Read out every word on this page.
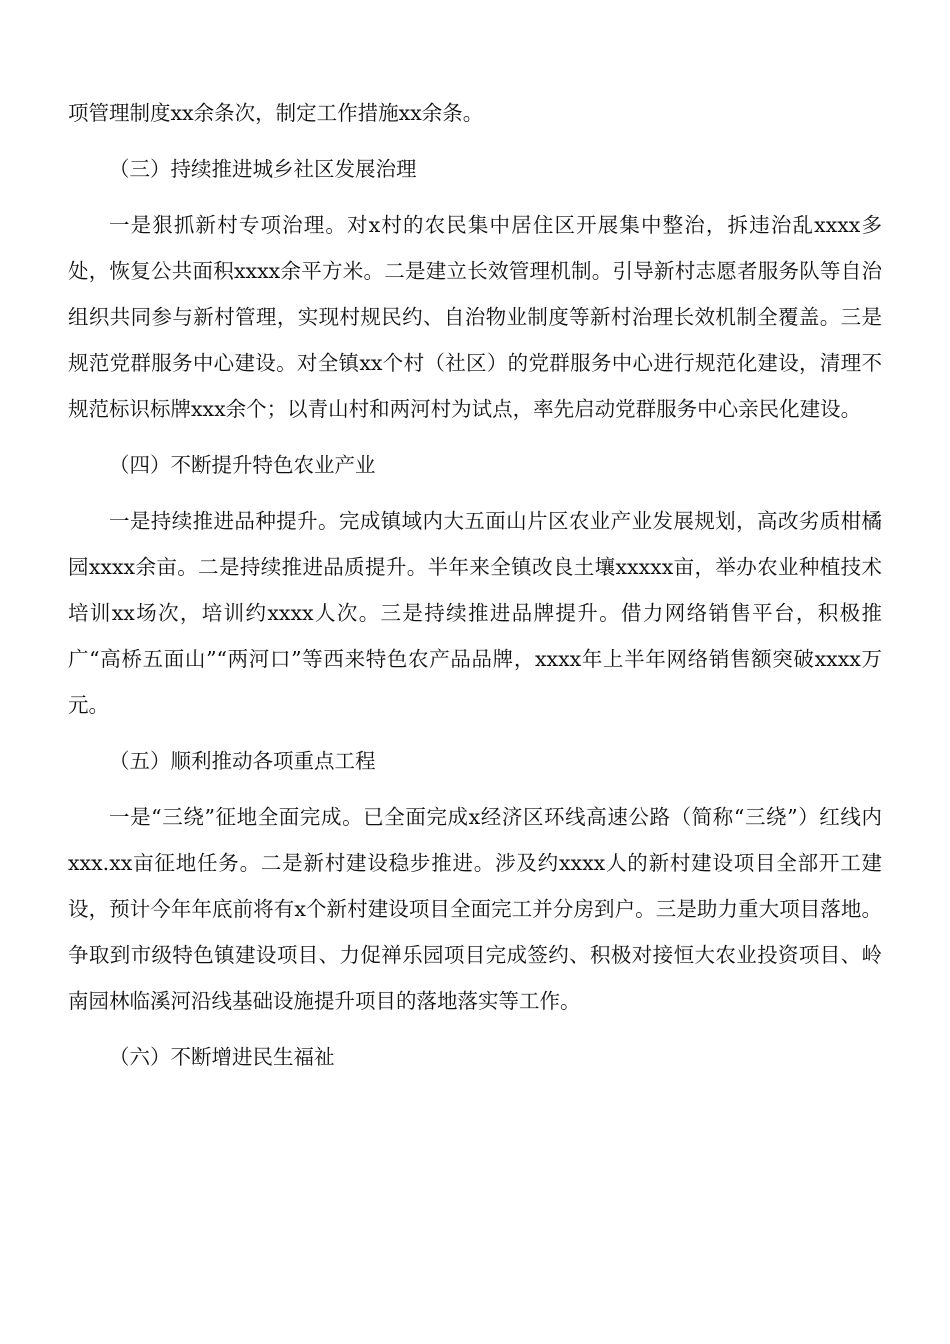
项管理制度xx余条次，制定工作措施xx余条。

（三）持续推进城乡社区发展治理

一是狠抓新村专项治理。对x村的农民集中居住区开展集中整治，拆违治乱xxxx多处，恢复公共面积xxxx余平方米。二是建立长效管理机制。引导新村志愿者服务队等自治组织共同参与新村管理，实现村规民约、自治物业制度等新村治理长效机制全覆盖。三是规范党群服务中心建设。对全镇xx个村（社区）的党群服务中心进行规范化建设，清理不规范标识标牌xxx余个；以青山村和两河村为试点，率先启动党群服务中心亲民化建设。

（四）不断提升特色农业产业

一是持续推进品种提升。完成镇域内大五面山片区农业产业发展规划，高改劣质柑橘园xxxx余亩。二是持续推进品质提升。半年来全镇改良土壤xxxxx亩，举办农业种植技术培训xx场次，培训约xxxx人次。三是持续推进品牌提升。借力网络销售平台，积极推广“高桥五面山”“两河口”等西来特色农产品品牌，xxxx年上半年网络销售额突破xxxx万元。

（五）顺利推动各项重点工程

一是“三绕”征地全面完成。已全面完成x经济区环线高速公路（简称“三绕”）红线内xxx.xx亩征地任务。二是新村建设稳步推进。涉及约xxxx人的新村建设项目全部开工建设，预计今年年底前将有x个新村建设项目全面完工并分房到户。三是助力重大项目落地。争取到市级特色镇建设项目、力促禅乐园项目完成签约、积极对接恒大农业投资项目、岭南园林临溪河沿线基础设施提升项目的落地落实等工作。

（六）不断增进民生福祉
